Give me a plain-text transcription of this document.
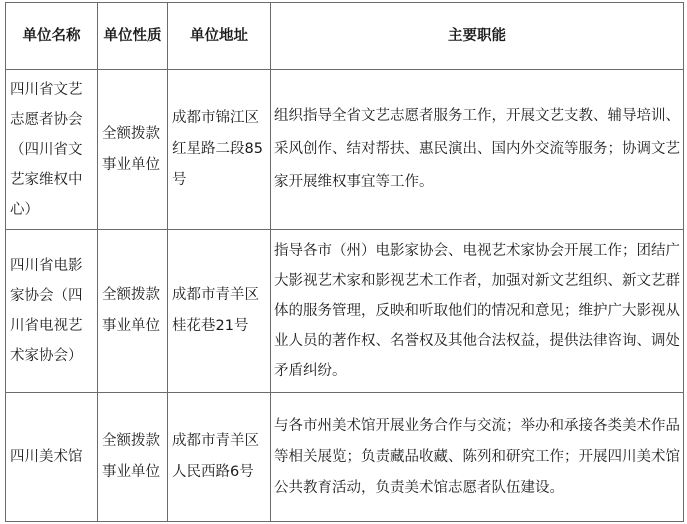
单位名称	单位性质	单位地址	主要职能
四川省文艺志愿者协会（四川省文艺家维权中心）	全额拨款事业单位	成都市锦江区红星路二段85号	组织指导全省文艺志愿者服务工作，开展文艺支教、辅导培训、采风创作、结对帮扶、惠民演出、国内外交流等服务；协调文艺家开展维权事宜等工作。
四川省电影家协会（四川省电视艺术家协会）	全额拨款事业单位	成都市青羊区桂花巷21号	指导各市（州）电影家协会、电视艺术家协会开展工作；团结广大影视艺术家和影视艺术工作者，加强对新文艺组织、新文艺群体的服务管理，反映和听取他们的情况和意见；维护广大影视从业人员的著作权、名誉权及其他合法权益，提供法律咨询、调处矛盾纠纷。
四川美术馆	全额拨款事业单位	成都市青羊区人民西路6号	与各市州美术馆开展业务合作与交流；举办和承接各类美术作品等相关展览；负责藏品收藏、陈列和研究工作；开展四川美术馆公共教育活动，负责美术馆志愿者队伍建设。
